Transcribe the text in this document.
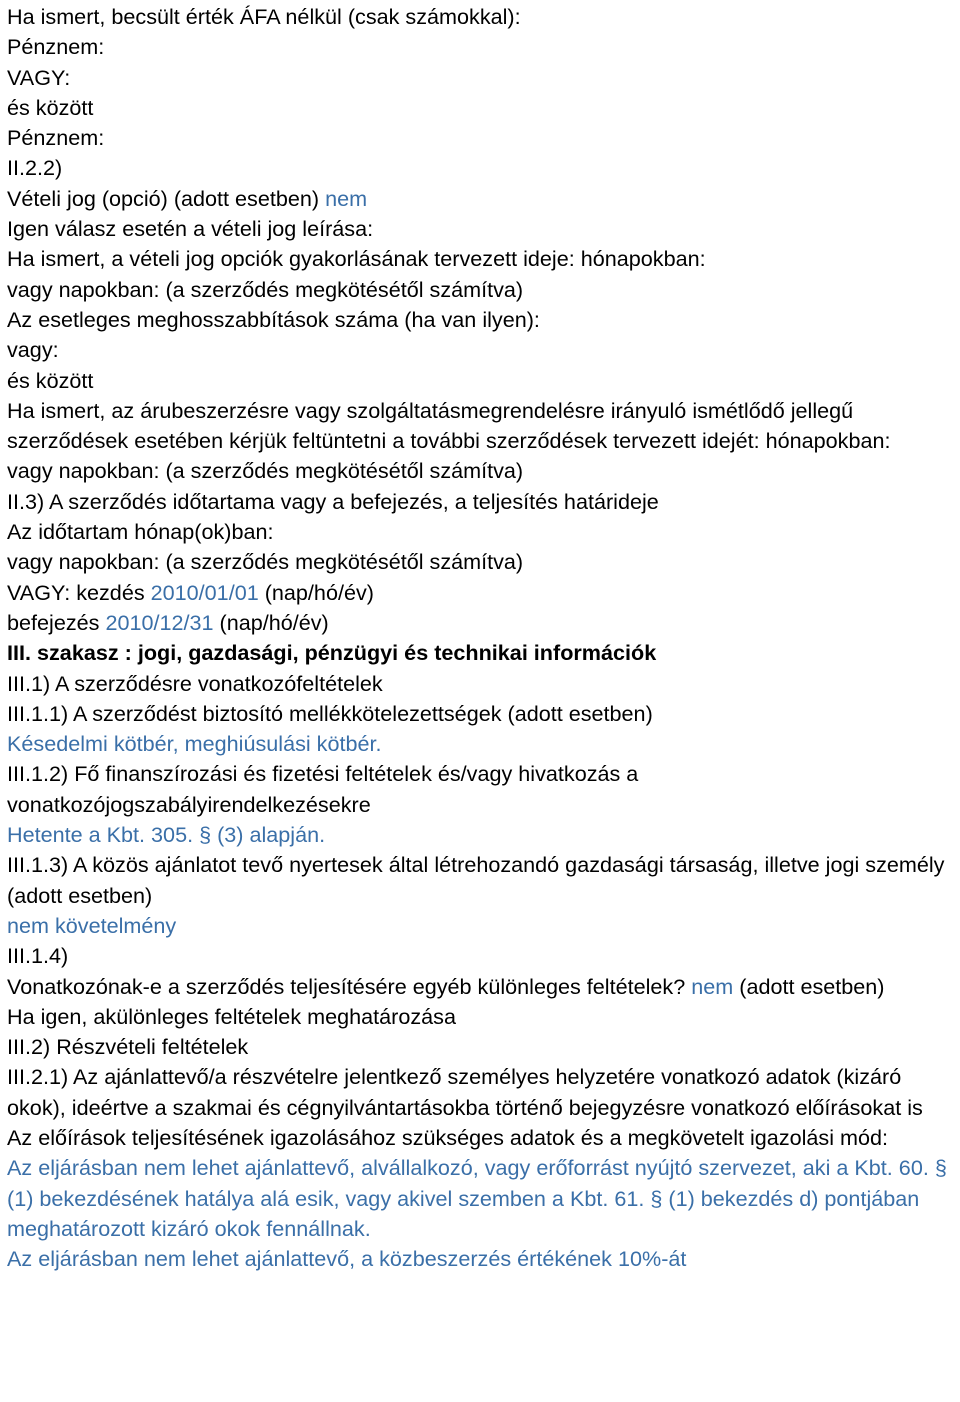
Ha ismert, becsült érték ÁFA nélkül (csak számokkal):

Pénznem:

VAGY:

és között

Pénznem:

II.2.2)

Vételi jog (opció) (adott esetben) nem

Igen válasz esetén a vételi jog leírása:

Ha ismert, a vételi jog opciók gyakorlásának tervezett ideje: hónapokban:

vagy napokban: (a szerződés megkötésétől számítva)

Az esetleges meghosszabbítások száma (ha van ilyen):

vagy:

és között

Ha ismert, az árubeszerzésre vagy szolgáltatásmegrendelésre irányuló ismétlődő jellegű szerződések esetében kérjük feltüntetni a további szerződések tervezett idejét: hónapokban:

vagy napokban: (a szerződés megkötésétől számítva)

II.3) A szerződés időtartama vagy a befejezés, a teljesítés határideje

Az időtartam hónap(ok)ban:

vagy napokban: (a szerződés megkötésétől számítva)

VAGY: kezdés 2010/01/01 (nap/hó/év)

befejezés 2010/12/31 (nap/hó/év)

III. szakasz : jogi, gazdasági, pénzügyi és technikai információk

III.1) A szerződésre vonatkozófeltételek

III.1.1) A szerződést biztosító mellékkötelezettségek (adott esetben)

Késedelmi kötbér, meghiúsulási kötbér.

III.1.2) Fő finanszírozási és fizetési feltételek és/vagy hivatkozás a vonatkozójogszabályirendelkezésekre

Hetente a Kbt. 305. § (3) alapján.

III.1.3) A közös ajánlatot tevő nyertesek által létrehozandó gazdasági társaság, illetve jogi személy (adott esetben)

nem követelmény

III.1.4)

Vonatkozónak-e a szerződés teljesítésére egyéb különleges feltételek? nem (adott esetben)

Ha igen, akülönleges feltételek meghatározása

III.2) Részvételi feltételek

III.2.1) Az ajánlattevő/a részvételre jelentkező személyes helyzetére vonatkozó adatok (kizáró okok), ideértve a szakmai és cégnyilvántartásokba történő bejegyzésre vonatkozó előírásokat is

Az előírások teljesítésének igazolásához szükséges adatok és a megkövetelt igazolási mód:

Az eljárásban nem lehet ajánlattevő, alvállalkozó, vagy erőforrást nyújtó szervezet, aki a Kbt. 60. § (1) bekezdésének hatálya alá esik, vagy akivel szemben a Kbt. 61. § (1) bekezdés d) pontjában meghatározott kizáró okok fennállnak.

Az eljárásban nem lehet ajánlattevő, a közbeszerzés értékének 10%-át
